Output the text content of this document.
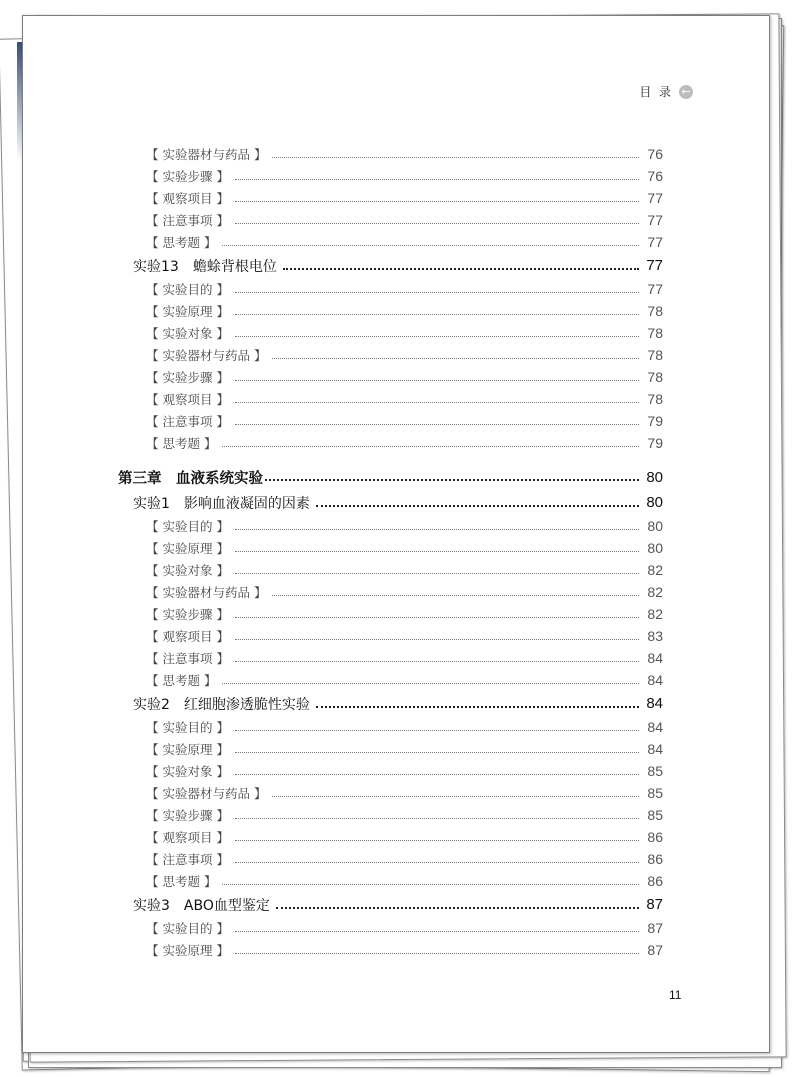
目  录 ←
【 实验器材与药品 】	76
【 实验步骤 】	76
【 观察项目 】	77
【 注意事项 】	77
【 思考题 】	77
实验13　蟾蜍背根电位	77
【 实验目的 】	77
【 实验原理 】	78
【 实验对象 】	78
【 实验器材与药品 】	78
【 实验步骤 】	78
【 观察项目 】	78
【 注意事项 】	79
【 思考题 】	79
第三章　血液系统实验	80
实验1　影响血液凝固的因素	80
【 实验目的 】	80
【 实验原理 】	80
【 实验对象 】	82
【 实验器材与药品 】	82
【 实验步骤 】	82
【 观察项目 】	83
【 注意事项 】	84
【 思考题 】	84
实验2　红细胞渗透脆性实验	84
【 实验目的 】	84
【 实验原理 】	84
【 实验对象 】	85
【 实验器材与药品 】	85
【 实验步骤 】	85
【 观察项目 】	86
【 注意事项 】	86
【 思考题 】	86
实验3　ABO血型鉴定	87
【 实验目的 】	87
【 实验原理 】	87
11
